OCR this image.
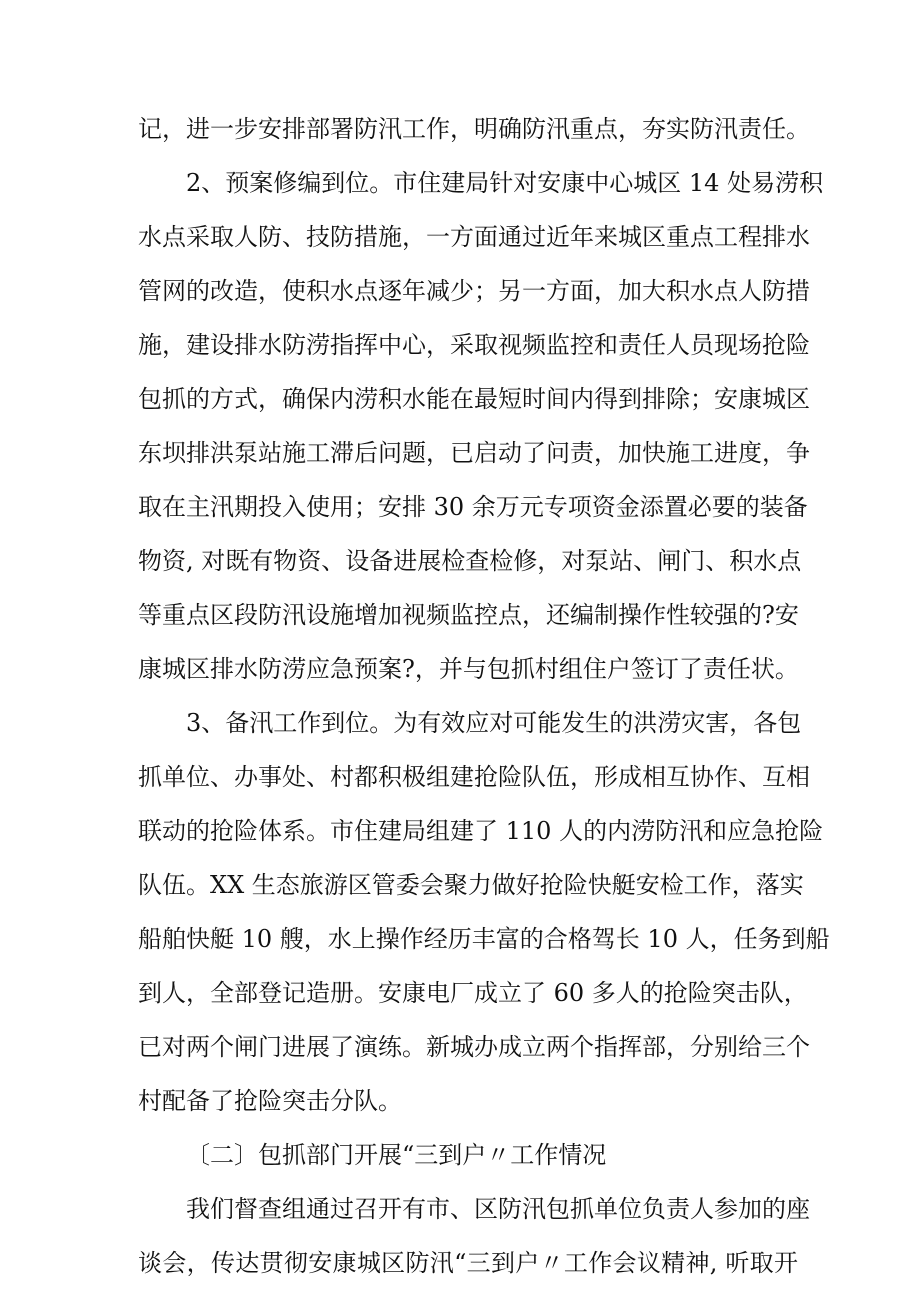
记，进一步安排部署防汛工作，明确防汛重点，夯实防汛责任。
2、预案修编到位。市住建局针对安康中心城区 14 处易涝积
水点采取人防、技防措施，一方面通过近年来城区重点工程排水
管网的改造，使积水点逐年减少；另一方面，加大积水点人防措
施，建设排水防涝指挥中心，采取视频监控和责任人员现场抢险
包抓的方式，确保内涝积水能在最短时间内得到排除；安康城区
东坝排洪泵站施工滞后问题，已启动了问责，加快施工进度，争
取在主汛期投入使用；安排 30 余万元专项资金添置必要的装备
物资, 对既有物资、设备进展检查检修，对泵站、闸门、积水点
等重点区段防汛设施增加视频监控点，还编制操作性较强的?安
康城区排水防涝应急预案?，并与包抓村组住户签订了责任状。
3、备汛工作到位。为有效应对可能发生的洪涝灾害，各包
抓单位、办事处、村都积极组建抢险队伍，形成相互协作、互相
联动的抢险体系。市住建局组建了 110 人的内涝防汛和应急抢险
队伍。XX 生态旅游区管委会聚力做好抢险快艇安检工作，落实
船舶快艇 10 艘，水上操作经历丰富的合格驾长 10 人，任务到船
到人，全部登记造册。安康电厂成立了 60 多人的抢险突击队，
已对两个闸门进展了演练。新城办成立两个指挥部，分别给三个
村配备了抢险突击分队。
〔二〕包抓部门开展“三到户〃工作情况
我们督查组通过召开有市、区防汛包抓单位负责人参加的座
谈会，传达贯彻安康城区防汛“三到户〃工作会议精神, 听取开
